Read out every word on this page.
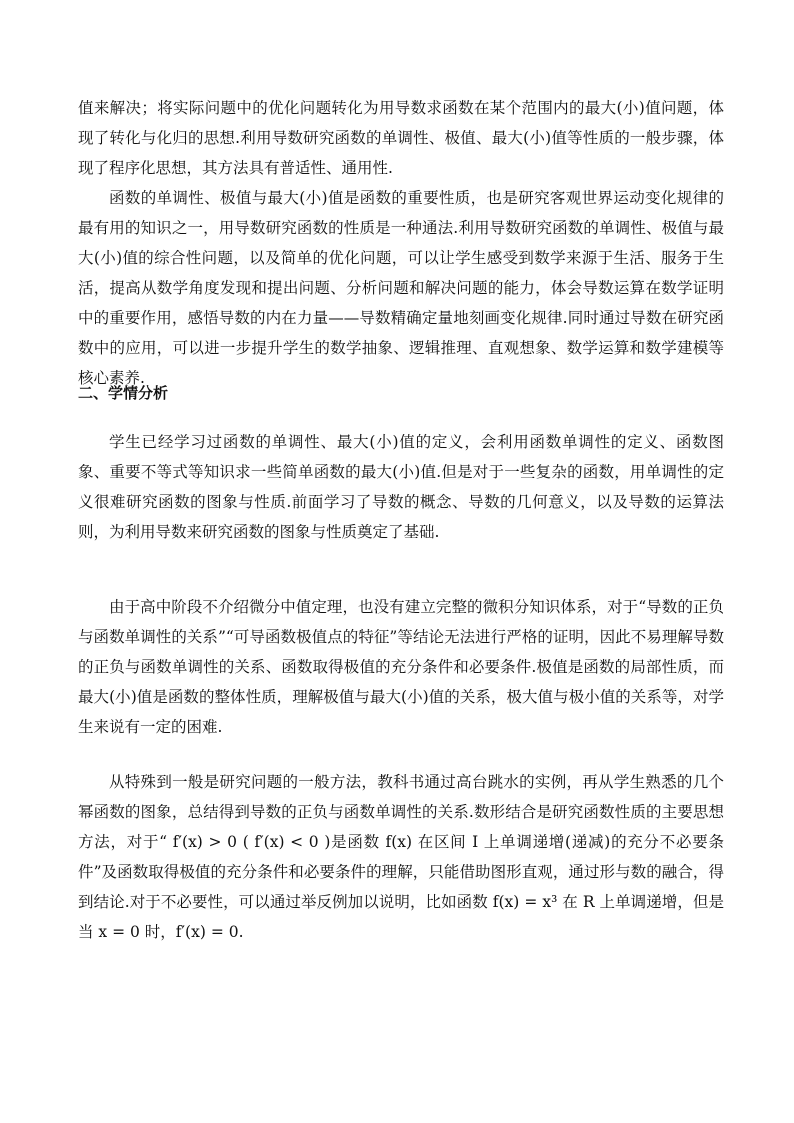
值来解决；将实际问题中的优化问题转化为用导数求函数在某个范围内的最大(小)值问题，体现了转化与化归的思想.利用导数研究函数的单调性、极值、最大(小)值等性质的一般步骤，体现了程序化思想，其方法具有普适性、通用性.

函数的单调性、极值与最大(小)值是函数的重要性质，也是研究客观世界运动变化规律的最有用的知识之一，用导数研究函数的性质是一种通法.利用导数研究函数的单调性、极值与最大(小)值的综合性问题，以及简单的优化问题，可以让学生感受到数学来源于生活、服务于生活，提高从数学角度发现和提出问题、分析问题和解决问题的能力，体会导数运算在数学证明中的重要作用，感悟导数的内在力量——导数精确定量地刻画变化规律.同时通过导数在研究函数中的应用，可以进一步提升学生的数学抽象、逻辑推理、直观想象、数学运算和数学建模等核心素养.

二、学情分析

学生已经学习过函数的单调性、最大(小)值的定义，会利用函数单调性的定义、函数图象、重要不等式等知识求一些简单函数的最大(小)值.但是对于一些复杂的函数，用单调性的定义很难研究函数的图象与性质.前面学习了导数的概念、导数的几何意义，以及导数的运算法则，为利用导数来研究函数的图象与性质奠定了基础.

由于高中阶段不介绍微分中值定理，也没有建立完整的微积分知识体系，对于“导数的正负与函数单调性的关系”“可导函数极值点的特征”等结论无法进行严格的证明，因此不易理解导数的正负与函数单调性的关系、函数取得极值的充分条件和必要条件.极值是函数的局部性质，而最大(小)值是函数的整体性质，理解极值与最大(小)值的关系，极大值与极小值的关系等，对学生来说有一定的困难.

从特殊到一般是研究问题的一般方法，教科书通过高台跳水的实例，再从学生熟悉的几个幂函数的图象，总结得到导数的正负与函数单调性的关系.数形结合是研究函数性质的主要思想方法，对于“ f′(x) > 0 ( f′(x) < 0 )是函数 f(x) 在区间 I 上单调递增(递减)的充分不必要条件”及函数取得极值的充分条件和必要条件的理解，只能借助图形直观，通过形与数的融合，得到结论.对于不必要性，可以通过举反例加以说明，比如函数 f(x) = x³ 在 R 上单调递增，但是当 x = 0 时，f′(x) = 0.
